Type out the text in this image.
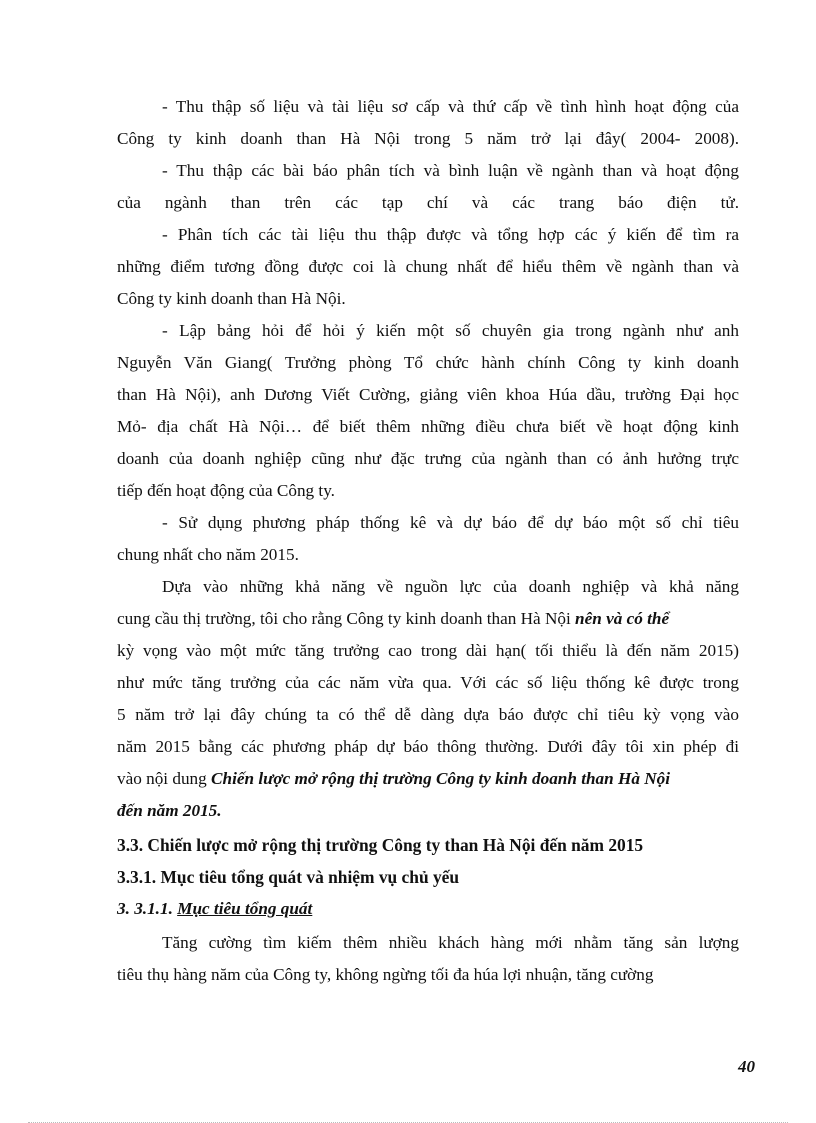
- Thu thập số liệu và tài liệu sơ cấp và thứ cấp về tình hình hoạt động của
Công ty kinh doanh than Hà Nội trong 5 năm trở lại đây( 2004- 2008).
- Thu thập các bài báo phân tích và bình luận về ngành than và hoạt động
của ngành than trên các tạp chí và các trang báo điện tử.
- Phân tích các tài liệu thu thập được và tổng hợp các ý kiến để tìm ra
những điểm tương đồng được coi là chung nhất để hiểu thêm về ngành than và
Công ty kinh doanh than Hà Nội.
- Lập bảng hỏi để hỏi ý kiến một số chuyên gia trong ngành như anh
Nguyễn Văn Giang( Trưởng phòng Tổ chức hành chính Công ty kinh doanh
than Hà Nội), anh Dương Viết Cường, giảng viên khoa Húa dầu, trường Đại học
Mỏ- địa chất Hà Nội… để biết thêm những điều chưa biết về hoạt động kinh
doanh của doanh nghiệp cũng như đặc trưng của ngành than có ảnh hưởng trực
tiếp đến hoạt động của Công ty.
- Sử dụng phương pháp thống kê và dự báo để dự báo một số chỉ tiêu
chung nhất cho năm 2015.
Dựa vào những khả năng về nguồn lực của doanh nghiệp và khả năng
cung cầu thị trường, tôi cho rằng Công ty kinh doanh than Hà Nội nên và có thể
kỳ vọng vào một mức tăng trưởng cao trong dài hạn( tối thiểu là đến năm 2015)
như mức tăng trưởng của các năm vừa qua. Với các số liệu thống kê được trong
5 năm trở lại đây chúng ta có thể dễ dàng dựa báo được chỉ tiêu kỳ vọng vào
năm 2015 bằng các phương pháp dự báo thông thường. Dưới đây tôi xin phép đi
vào nội dung Chiến lược mở rộng thị trường Công ty kinh doanh than Hà Nội
đến năm 2015.
3.3. Chiến lược mở rộng thị trường Công ty than Hà Nội đến năm 2015
3.3.1. Mục tiêu tổng quát và nhiệm vụ chủ yếu
3. 3.1.1. Mục tiêu tổng quát
Tăng cường tìm kiếm thêm nhiều khách hàng mới nhằm tăng sản lượng
tiêu thụ hàng năm của Công ty, không ngừng tối đa húa lợi nhuận, tăng cường
40
